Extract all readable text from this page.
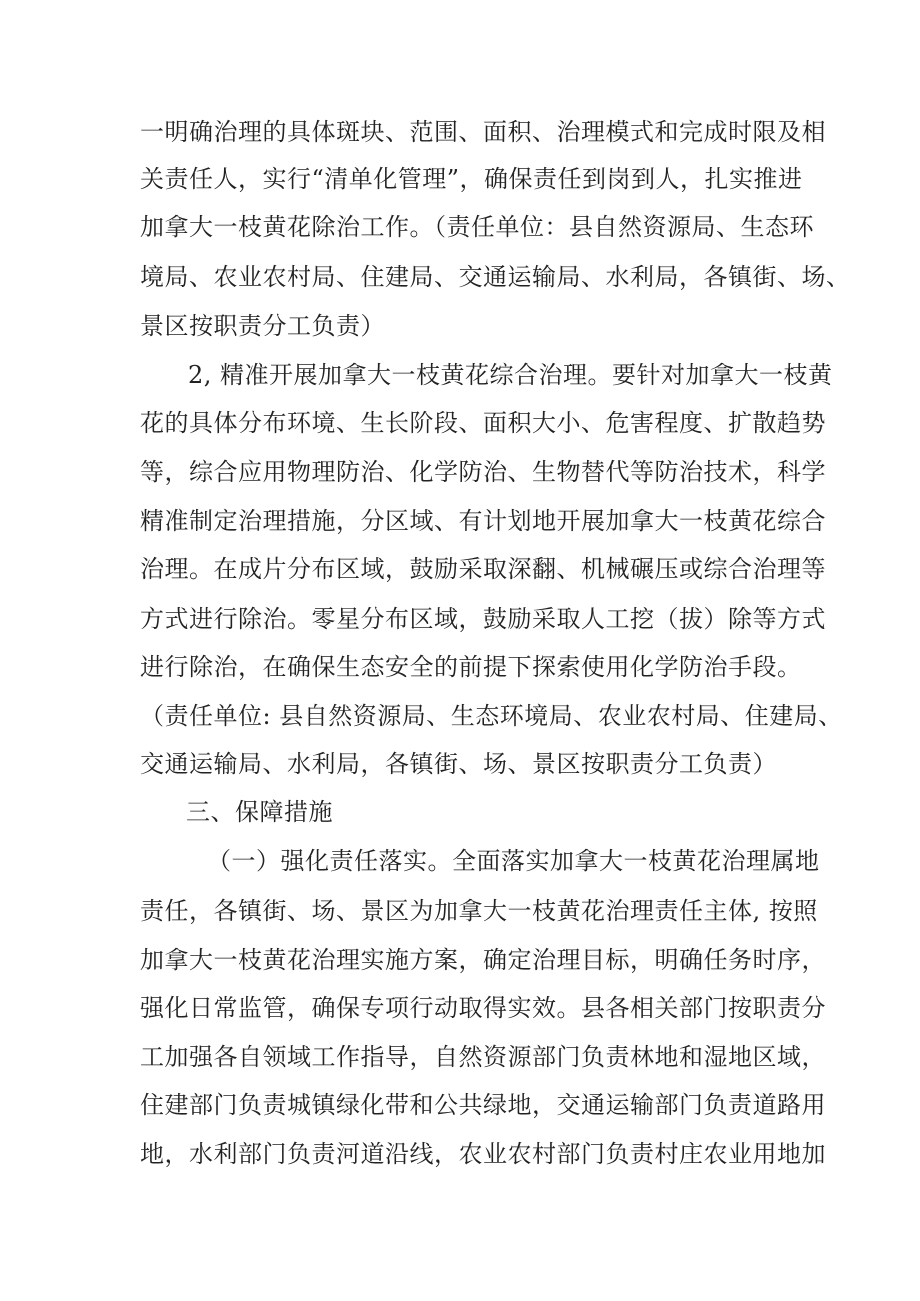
一明确治理的具体斑块、范围、面积、治理模式和完成时限及相
关责任人，实行“清单化管理”，确保责任到岗到人，扎实推进
加拿大一枝黄花除治工作。（责任单位：县自然资源局、生态环
境局、农业农村局、住建局、交通运输局、水利局，各镇街、场、
景区按职责分工负责）
2, 精准开展加拿大一枝黄花综合治理。要针对加拿大一枝黄
花的具体分布环境、生长阶段、面积大小、危害程度、扩散趋势
等，综合应用物理防治、化学防治、生物替代等防治技术，科学
精准制定治理措施，分区域、有计划地开展加拿大一枝黄花综合
治理。在成片分布区域，鼓励采取深翻、机械碾压或综合治理等
方式进行除治。零星分布区域，鼓励采取人工挖（拔）除等方式
进行除治，在确保生态安全的前提下探索使用化学防治手段。
（责任单位: 县自然资源局、生态环境局、农业农村局、住建局、
交通运输局、水利局，各镇街、场、景区按职责分工负责）
三、保障措施
（一）强化责任落实。全面落实加拿大一枝黄花治理属地
责任，各镇街、场、景区为加拿大一枝黄花治理责任主体, 按照
加拿大一枝黄花治理实施方案，确定治理目标，明确任务时序，
强化日常监管，确保专项行动取得实效。县各相关部门按职责分
工加强各自领域工作指导，自然资源部门负责林地和湿地区域，
住建部门负责城镇绿化带和公共绿地，交通运输部门负责道路用
地，水利部门负责河道沿线，农业农村部门负责村庄农业用地加
